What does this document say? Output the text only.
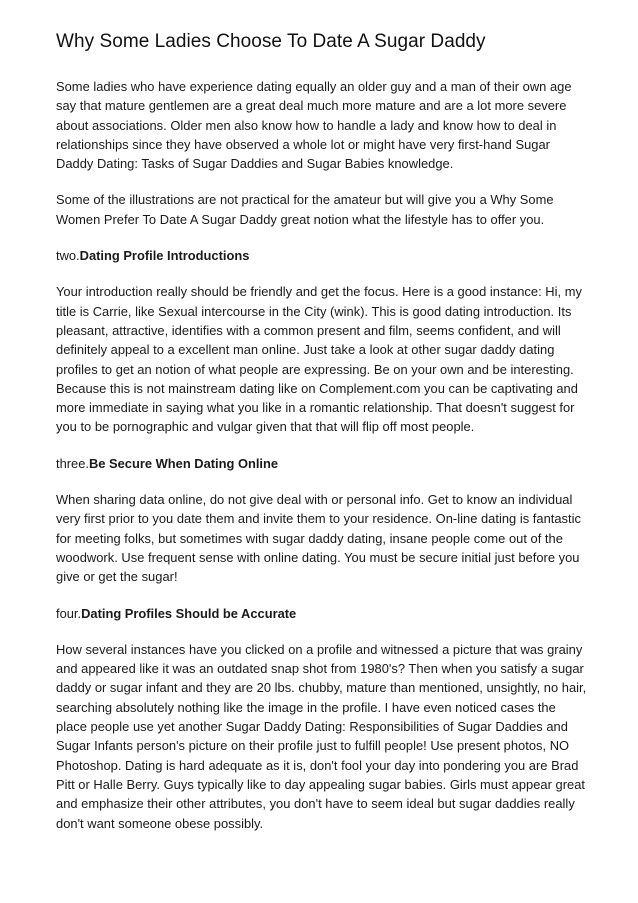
Why Some Ladies Choose To Date A Sugar Daddy

Some ladies who have experience dating equally an older guy and a man of their own age say that mature gentlemen are a great deal much more mature and are a lot more severe about associations. Older men also know how to handle a lady and know how to deal in relationships since they have observed a whole lot or might have very first-hand Sugar Daddy Dating: Tasks of Sugar Daddies and Sugar Babies knowledge.

Some of the illustrations are not practical for the amateur but will give you a Why Some Women Prefer To Date A Sugar Daddy great notion what the lifestyle has to offer you.

two.Dating Profile Introductions

Your introduction really should be friendly and get the focus. Here is a good instance: Hi, my title is Carrie, like Sexual intercourse in the City (wink). This is good dating introduction. Its pleasant, attractive, identifies with a common present and film, seems confident, and will definitely appeal to a excellent man online. Just take a look at other sugar daddy dating profiles to get an notion of what people are expressing. Be on your own and be interesting. Because this is not mainstream dating like on Complement.com you can be captivating and more immediate in saying what you like in a romantic relationship. That doesn't suggest for you to be pornographic and vulgar given that that will flip off most people.

three.Be Secure When Dating Online

When sharing data online, do not give deal with or personal info. Get to know an individual very first prior to you date them and invite them to your residence. On-line dating is fantastic for meeting folks, but sometimes with sugar daddy dating, insane people come out of the woodwork. Use frequent sense with online dating. You must be secure initial just before you give or get the sugar!

four.Dating Profiles Should be Accurate

How several instances have you clicked on a profile and witnessed a picture that was grainy and appeared like it was an outdated snap shot from 1980's? Then when you satisfy a sugar daddy or sugar infant and they are 20 lbs. chubby, mature than mentioned, unsightly, no hair, searching absolutely nothing like the image in the profile. I have even noticed cases the place people use yet another Sugar Daddy Dating: Responsibilities of Sugar Daddies and Sugar Infants person's picture on their profile just to fulfill people! Use present photos, NO Photoshop. Dating is hard adequate as it is, don't fool your day into pondering you are Brad Pitt or Halle Berry. Guys typically like to day appealing sugar babies. Girls must appear great and emphasize their other attributes, you don't have to seem ideal but sugar daddies really don't want someone obese possibly.
